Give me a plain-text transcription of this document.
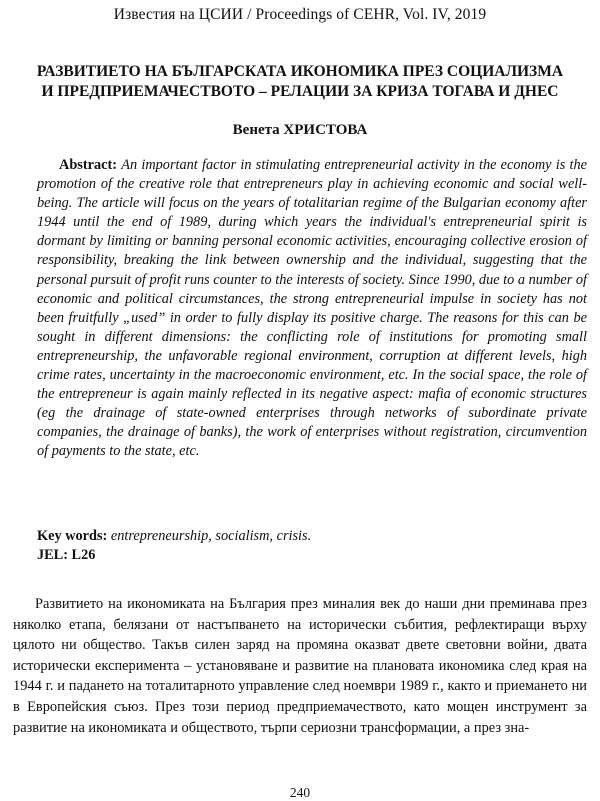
Известия на ЦСИИ / Proceedings of CEHR, Vol. IV, 2019
РАЗВИТИЕТО НА БЪЛГАРСКАТА ИКОНОМИКА ПРЕЗ СОЦИАЛИЗМА
И ПРЕДПРИЕМАЧЕСТВОТО – РЕЛАЦИИ ЗА КРИЗА ТОГАВА И ДНЕС
Венета ХРИСТОВА
Abstract: An important factor in stimulating entrepreneurial activity in the economy is the promotion of the creative role that entrepreneurs play in achieving economic and social well-being. The article will focus on the years of totalitarian regime of the Bulgarian economy after 1944 until the end of 1989, during which years the individual's entrepreneurial spirit is dormant by limiting or banning personal economic activities, encouraging collective erosion of responsibility, breaking the link between ownership and the individual, suggesting that the personal pursuit of profit runs counter to the interests of society. Since 1990, due to a number of economic and political circumstances, the strong entrepreneurial impulse in society has not been fruitfully „used” in order to fully display its positive charge. The reasons for this can be sought in different dimensions: the conflicting role of institutions for promoting small entrepreneurship, the unfavorable regional environment, corruption at different levels, high crime rates, uncertainty in the macroeconomic environment, etc. In the social space, the role of the entrepreneur is again mainly reflected in its negative aspect: mafia of economic structures (eg the drainage of state-owned enterprises through networks of subordinate private companies, the drainage of banks), the work of enterprises without registration, circumvention of payments to the state, etc.
Key words: entrepreneurship, socialism, crisis.
JEL: L26

Развитието на икономиката на България през миналия век до наши дни преминава през няколко етапа, белязани от настъпването на исторически събития, рефлектиращи върху цялото ни общество. Такъв силен заряд на промяна оказват двете световни войни, двата исторически експеримента – установяване и развитие на плановата икономика след края на 1944 г. и падането на тоталитарното управление след ноември 1989 г., както и приемането ни в Европейския съюз. През този период предприемачеството, като мощен инструмент за развитие на икономиката и обществото, търпи сериозни трансформации, а през зна-

240
